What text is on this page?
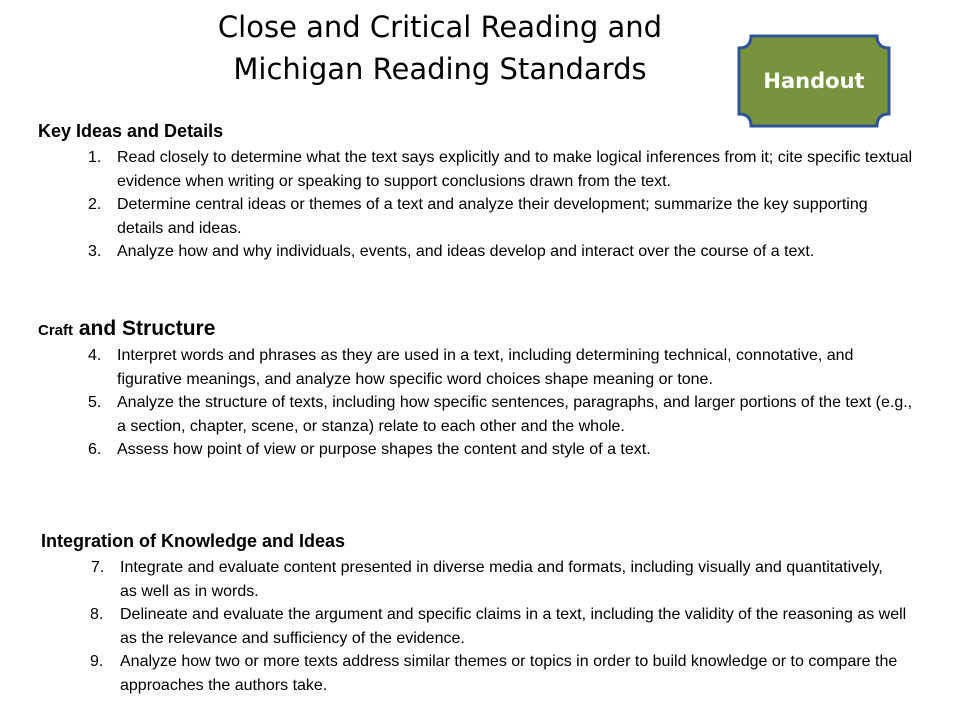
Close and Critical Reading and
Michigan Reading Standards	Handout
Key Ideas and Details
1. Read closely to determine what the text says explicitly and to make logical inferences from it; cite specific textual evidence when writing or speaking to support conclusions drawn from the text.
2. Determine central ideas or themes of a text and analyze their development; summarize the key supporting details and ideas.
3. Analyze how and why individuals, events, and ideas develop and interact over the course of a text.
Craft and Structure
4. Interpret words and phrases as they are used in a text, including determining technical, connotative, and figurative meanings, and analyze how specific word choices shape meaning or tone.
5. Analyze the structure of texts, including how specific sentences, paragraphs, and larger portions of the text (e.g., a section, chapter, scene, or stanza) relate to each other and the whole.
6. Assess how point of view or purpose shapes the content and style of a text.
Integration of Knowledge and Ideas
7. Integrate and evaluate content presented in diverse media and formats, including visually and quantitatively, as well as in words.
8. Delineate and evaluate the argument and specific claims in a text, including the validity of the reasoning as well as the relevance and sufficiency of the evidence.
9. Analyze how two or more texts address similar themes or topics in order to build knowledge or to compare the approaches the authors take.
